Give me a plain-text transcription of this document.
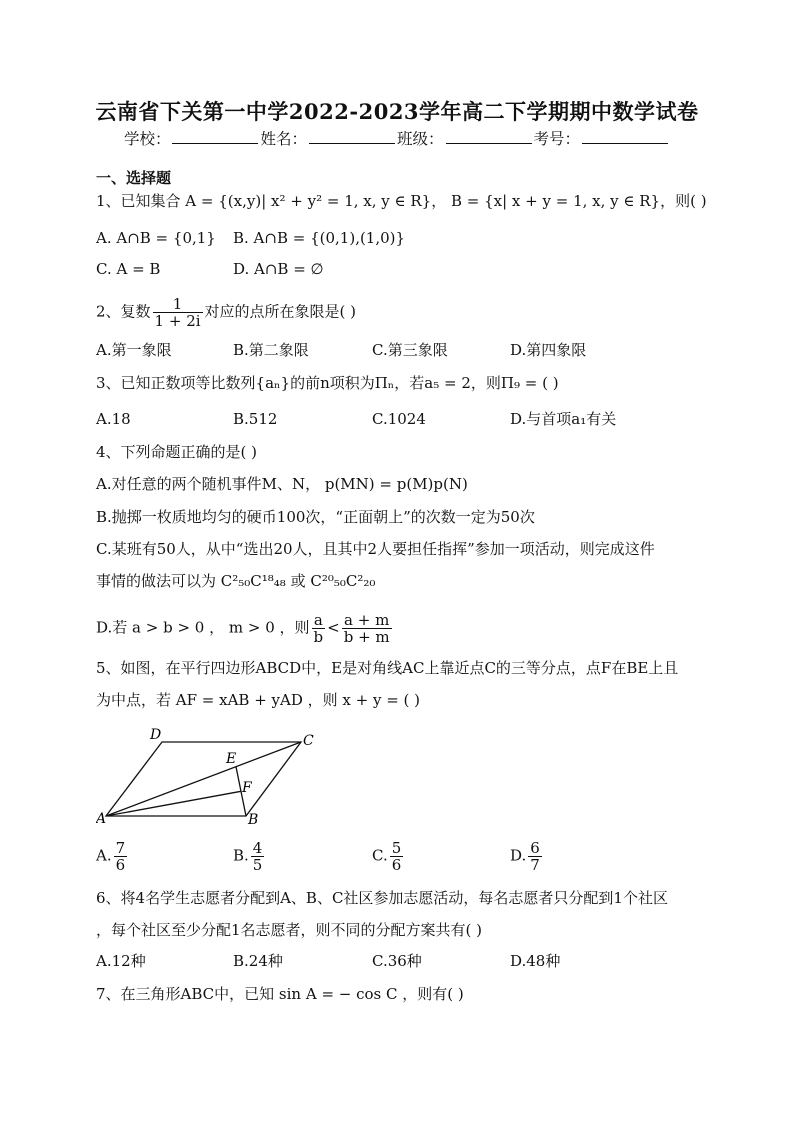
云南省下关第一中学2022-2023学年高二下学期期中数学试卷
学校：	姓名：	班级：	考号：
一、选择题
1、已知集合 A = {(x,y)| x² + y² = 1, x, y ∈ R}， B = {x| x + y = 1, x, y ∈ R}，则( )
A. A∩B = {0,1} B. A∩B = {(0,1),(1,0)}
C. A = B	D. A∩B = ∅
2、复数 $\frac{1}{1 + 2i}$ 对应的点所在象限是( )
A.第一象限	B.第二象限	C.第三象限	D.第四象限
3、已知正数项等比数列{aₙ}的前n项积为Πₙ，若a₅ = 2，则Π₉ = ( )
A.18	B.512	C.1024	D.与首项a₁有关
4、下列命题正确的是( )
A.对任意的两个随机事件M、N， p(MN) = p(M)p(N)
B.抛掷一枚质地均匀的硬币100次，“正面朝上”的次数一定为50次
C.某班有50人，从中“选出20人，且其中2人要担任指挥”参加一项活动，则完成这件
事情的做法可以为 C²₅₀C¹⁸₄₈ 或 C²⁰₅₀C²₂₀
D.若 a > b > 0 ， m > 0 ，则 $\frac{a}{b} < \frac{a + m}{b + m}$
5、如图，在平行四边形ABCD中，E是对角线AC上靠近点C的三等分点，点F在BE上且
为中点，若 AF = xAB + yAD ，则 x + y = ( )
A	B
C
D
E
F
A. $\frac{7}{6}$	B. $\frac{4}{5}$	C. $\frac{5}{6}$	D. $\frac{6}{7}$
6、将4名学生志愿者分配到A、B、C社区参加志愿活动，每名志愿者只分配到1个社区
，每个社区至少分配1名志愿者，则不同的分配方案共有( )
A.12种	B.24种	C.36种	D.48种
7、在三角形ABC中，已知 sin A = − cos C ，则有( )
